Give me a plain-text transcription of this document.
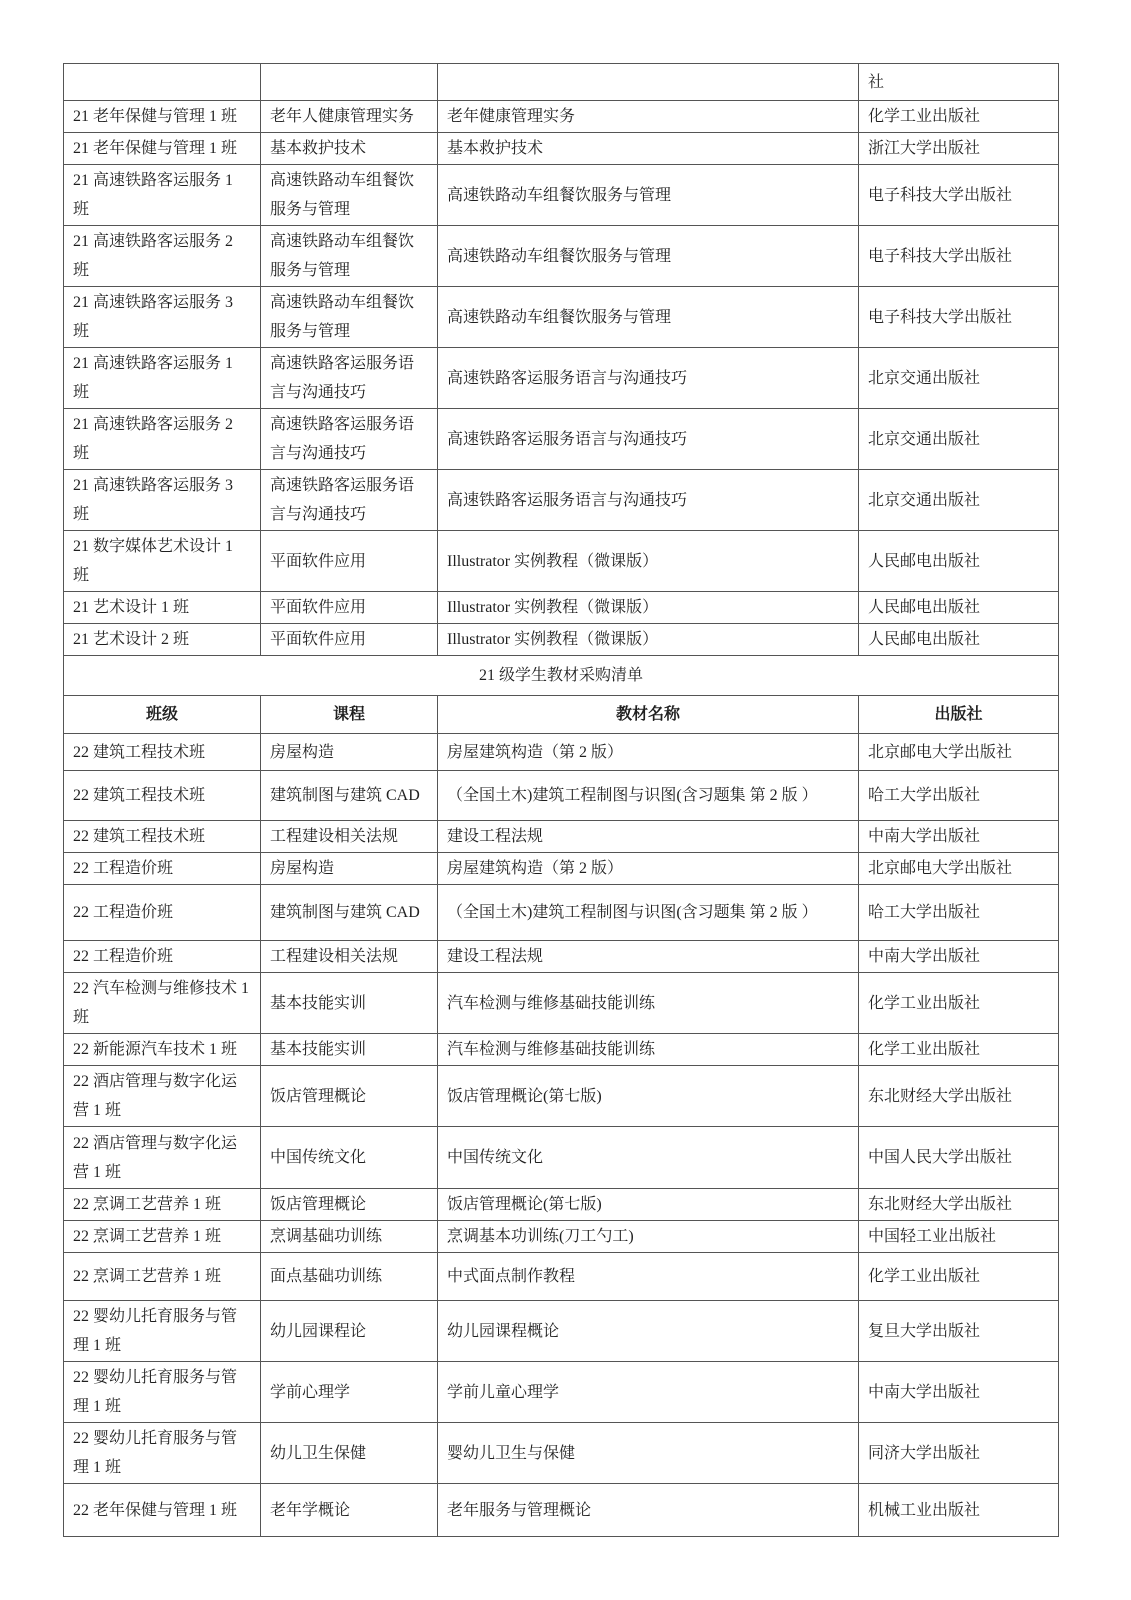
			社
21 老年保健与管理 1 班	老年人健康管理实务	老年健康管理实务	化学工业出版社
21 老年保健与管理 1 班	基本救护技术	基本救护技术	浙江大学出版社
21 高速铁路客运服务 1 班	高速铁路动车组餐饮服务与管理	高速铁路动车组餐饮服务与管理	电子科技大学出版社
21 高速铁路客运服务 2 班	高速铁路动车组餐饮服务与管理	高速铁路动车组餐饮服务与管理	电子科技大学出版社
21 高速铁路客运服务 3 班	高速铁路动车组餐饮服务与管理	高速铁路动车组餐饮服务与管理	电子科技大学出版社
21 高速铁路客运服务 1 班	高速铁路客运服务语言与沟通技巧	高速铁路客运服务语言与沟通技巧	北京交通出版社
21 高速铁路客运服务 2 班	高速铁路客运服务语言与沟通技巧	高速铁路客运服务语言与沟通技巧	北京交通出版社
21 高速铁路客运服务 3 班	高速铁路客运服务语言与沟通技巧	高速铁路客运服务语言与沟通技巧	北京交通出版社
21 数字媒体艺术设计 1 班	平面软件应用	Illustrator 实例教程（微课版）	人民邮电出版社
21 艺术设计 1 班	平面软件应用	Illustrator 实例教程（微课版）	人民邮电出版社
21 艺术设计 2 班	平面软件应用	Illustrator 实例教程（微课版）	人民邮电出版社
21 级学生教材采购清单			
班级	课程	教材名称	出版社
22 建筑工程技术班	房屋构造	房屋建筑构造（第 2 版）	北京邮电大学出版社
22 建筑工程技术班	建筑制图与建筑 CAD	（全国土木)建筑工程制图与识图(含习题集 第 2 版 ）	哈工大学出版社
22 建筑工程技术班	工程建设相关法规	建设工程法规	中南大学出版社
22 工程造价班	房屋构造	房屋建筑构造（第 2 版）	北京邮电大学出版社
22 工程造价班	建筑制图与建筑 CAD	（全国土木)建筑工程制图与识图(含习题集 第 2 版 ）	哈工大学出版社
22 工程造价班	工程建设相关法规	建设工程法规	中南大学出版社
22 汽车检测与维修技术 1 班	基本技能实训	汽车检测与维修基础技能训练	化学工业出版社
22 新能源汽车技术 1 班	基本技能实训	汽车检测与维修基础技能训练	化学工业出版社
22 酒店管理与数字化运营 1 班	饭店管理概论	饭店管理概论(第七版)	东北财经大学出版社
22 酒店管理与数字化运营 1 班	中国传统文化	中国传统文化	中国人民大学出版社
22 烹调工艺营养 1 班	饭店管理概论	饭店管理概论(第七版)	东北财经大学出版社
22 烹调工艺营养 1 班	烹调基础功训练	烹调基本功训练(刀工勺工)	中国轻工业出版社
22 烹调工艺营养 1 班	面点基础功训练	中式面点制作教程	化学工业出版社
22 婴幼儿托育服务与管理 1 班	幼儿园课程论	幼儿园课程概论	复旦大学出版社
22 婴幼儿托育服务与管理 1 班	学前心理学	学前儿童心理学	中南大学出版社
22 婴幼儿托育服务与管理 1 班	幼儿卫生保健	婴幼儿卫生与保健	同济大学出版社
22 老年保健与管理 1 班	老年学概论	老年服务与管理概论	机械工业出版社
